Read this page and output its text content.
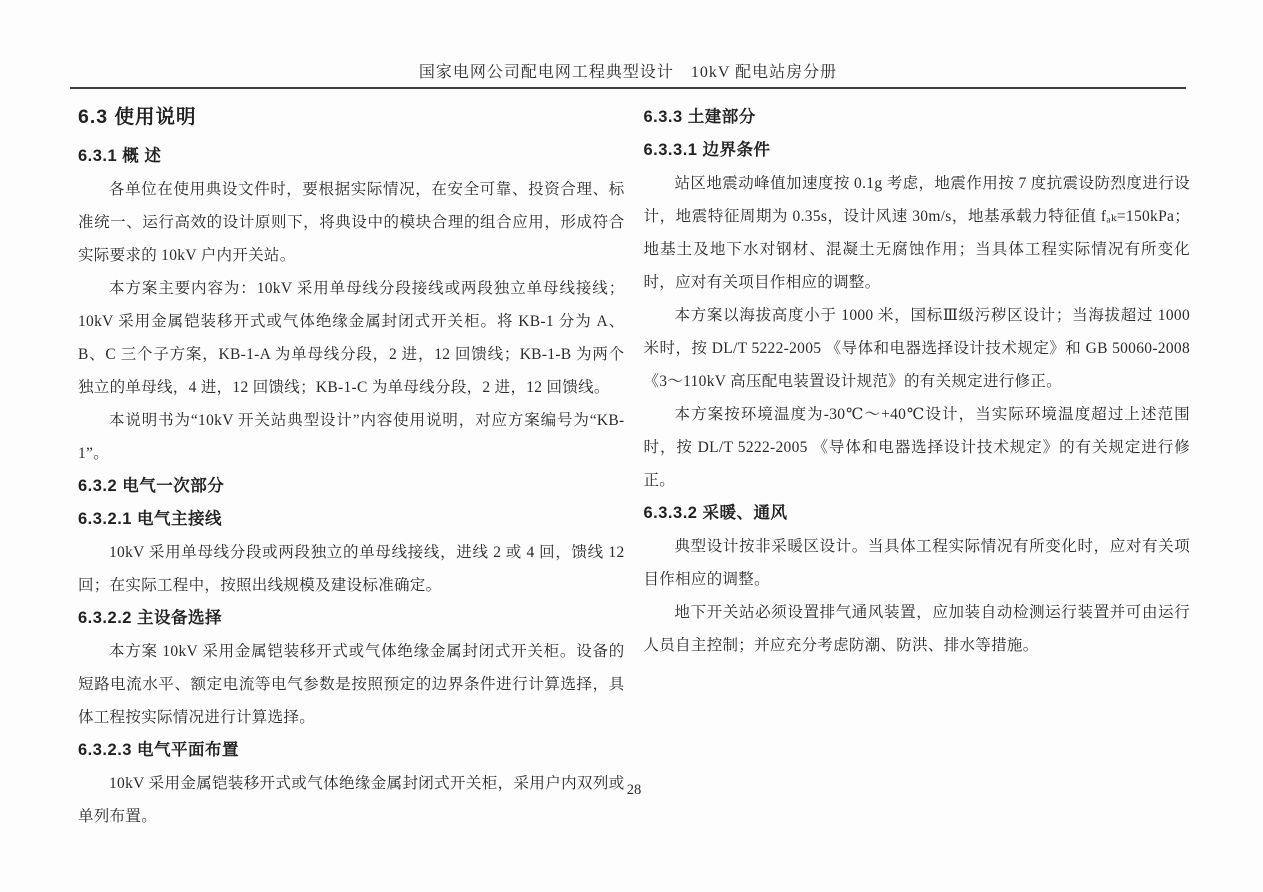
国家电网公司配电网工程典型设计　10kV 配电站房分册
6.3 使用说明
6.3.1 概 述

各单位在使用典设文件时，要根据实际情况，在安全可靠、投资合理、标准统一、运行高效的设计原则下，将典设中的模块合理的组合应用，形成符合实际要求的 10kV 户内开关站。

本方案主要内容为：10kV 采用单母线分段接线或两段独立单母线接线；10kV 采用金属铠装移开式或气体绝缘金属封闭式开关柜。将 KB-1 分为 A、B、C 三个子方案，KB-1-A 为单母线分段，2 进，12 回馈线；KB-1-B 为两个独立的单母线，4 进，12 回馈线；KB-1-C 为单母线分段，2 进，12 回馈线。

本说明书为“10kV 开关站典型设计”内容使用说明，对应方案编号为“KB-1”。

6.3.2 电气一次部分
6.3.2.1 电气主接线

10kV 采用单母线分段或两段独立的单母线接线，进线 2 或 4 回，馈线 12 回；在实际工程中，按照出线规模及建设标准确定。

6.3.2.2 主设备选择

本方案 10kV 采用金属铠装移开式或气体绝缘金属封闭式开关柜。设备的短路电流水平、额定电流等电气参数是按照预定的边界条件进行计算选择，具体工程按实际情况进行计算选择。

6.3.2.3 电气平面布置

10kV 采用金属铠装移开式或气体绝缘金属封闭式开关柜，采用户内双列或单列布置。

6.3.3 土建部分
6.3.3.1 边界条件

站区地震动峰值加速度按 0.1g 考虑，地震作用按 7 度抗震设防烈度进行设计，地震特征周期为 0.35s，设计风速 30m/s，地基承载力特征值 fₐₖ=150kPa；地基土及地下水对钢材、混凝土无腐蚀作用；当具体工程实际情况有所变化时，应对有关项目作相应的调整。

本方案以海拔高度小于 1000 米，国标Ⅲ级污秽区设计；当海拔超过 1000 米时，按 DL/T 5222-2005 《导体和电器选择设计技术规定》和 GB 50060-2008 《3～110kV 高压配电装置设计规范》的有关规定进行修正。

本方案按环境温度为-30℃～+40℃设计，当实际环境温度超过上述范围时，按 DL/T 5222-2005 《导体和电器选择设计技术规定》的有关规定进行修正。

6.3.3.2 采暖、通风

典型设计按非采暖区设计。当具体工程实际情况有所变化时，应对有关项目作相应的调整。

地下开关站必须设置排气通风装置，应加装自动检测运行装置并可由运行人员自主控制；并应充分考虑防潮、防洪、排水等措施。

28
